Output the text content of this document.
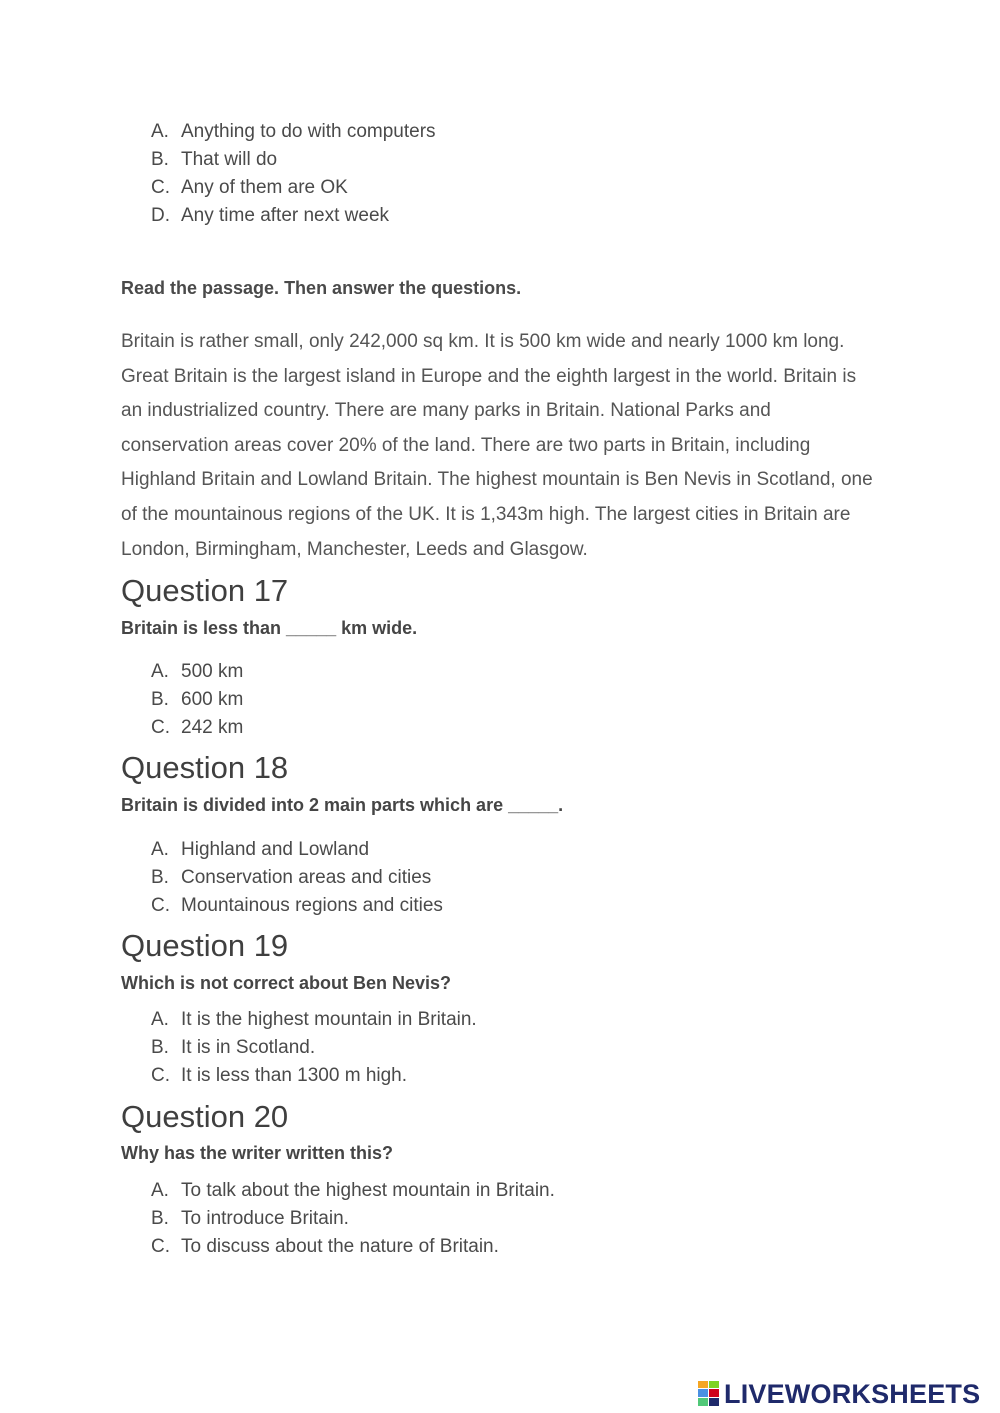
A. Anything to do with computers
B. That will do
C. Any of them are OK
D. Any time after next week
Read the passage. Then answer the questions.
Britain is rather small, only 242,000 sq km. It is 500 km wide and nearly 1000 km long. Great Britain is the largest island in Europe and the eighth largest in the world. Britain is an industrialized country. There are many parks in Britain. National Parks and conservation areas cover 20% of the land. There are two parts in Britain, including Highland Britain and Lowland Britain. The highest mountain is Ben Nevis in Scotland, one of the mountainous regions of the UK. It is 1,343m high. The largest cities in Britain are London, Birmingham, Manchester, Leeds and Glasgow.
Question 17
Britain is less than _____ km wide.
A. 500 km
B. 600 km
C. 242 km
Question 18
Britain is divided into 2 main parts which are _____.
A. Highland and Lowland
B. Conservation areas and cities
C. Mountainous regions and cities
Question 19
Which is not correct about Ben Nevis?
A. It is the highest mountain in Britain.
B. It is in Scotland.
C. It is less than 1300 m high.
Question 20
Why has the writer written this?
A. To talk about the highest mountain in Britain.
B. To introduce Britain.
C. To discuss about the nature of Britain.
LIVEWORKSHEETS
